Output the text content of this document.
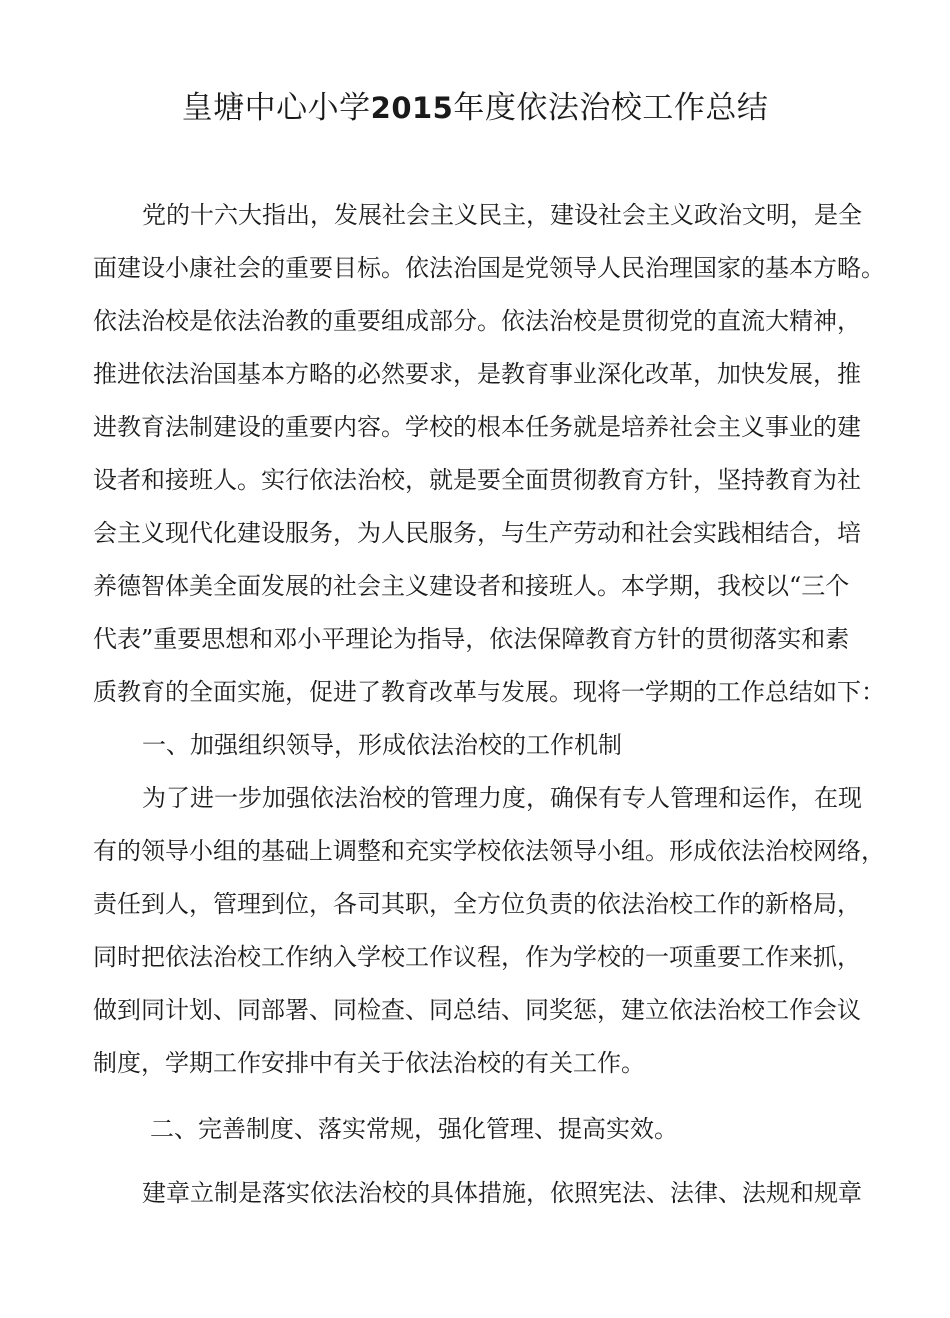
皇塘中心小学2015年度依法治校工作总结
党的十六大指出，发展社会主义民主，建设社会主义政治文明，是全
面建设小康社会的重要目标。依法治国是党领导人民治理国家的基本方略。
依法治校是依法治教的重要组成部分。依法治校是贯彻党的直流大精神，
推进依法治国基本方略的必然要求，是教育事业深化改革，加快发展，推
进教育法制建设的重要内容。学校的根本任务就是培养社会主义事业的建
设者和接班人。实行依法治校，就是要全面贯彻教育方针，坚持教育为社
会主义现代化建设服务，为人民服务，与生产劳动和社会实践相结合，培
养德智体美全面发展的社会主义建设者和接班人。本学期，我校以“三个
代表”重要思想和邓小平理论为指导，依法保障教育方针的贯彻落实和素
质教育的全面实施，促进了教育改革与发展。现将一学期的工作总结如下：
一、加强组织领导，形成依法治校的工作机制
为了进一步加强依法治校的管理力度，确保有专人管理和运作，在现
有的领导小组的基础上调整和充实学校依法领导小组。形成依法治校网络，
责任到人，管理到位，各司其职，全方位负责的依法治校工作的新格局，
同时把依法治校工作纳入学校工作议程，作为学校的一项重要工作来抓，
做到同计划、同部署、同检查、同总结、同奖惩，建立依法治校工作会议
制度，学期工作安排中有关于依法治校的有关工作。
二、完善制度、落实常规，强化管理、提高实效。
建章立制是落实依法治校的具体措施，依照宪法、法律、法规和规章
